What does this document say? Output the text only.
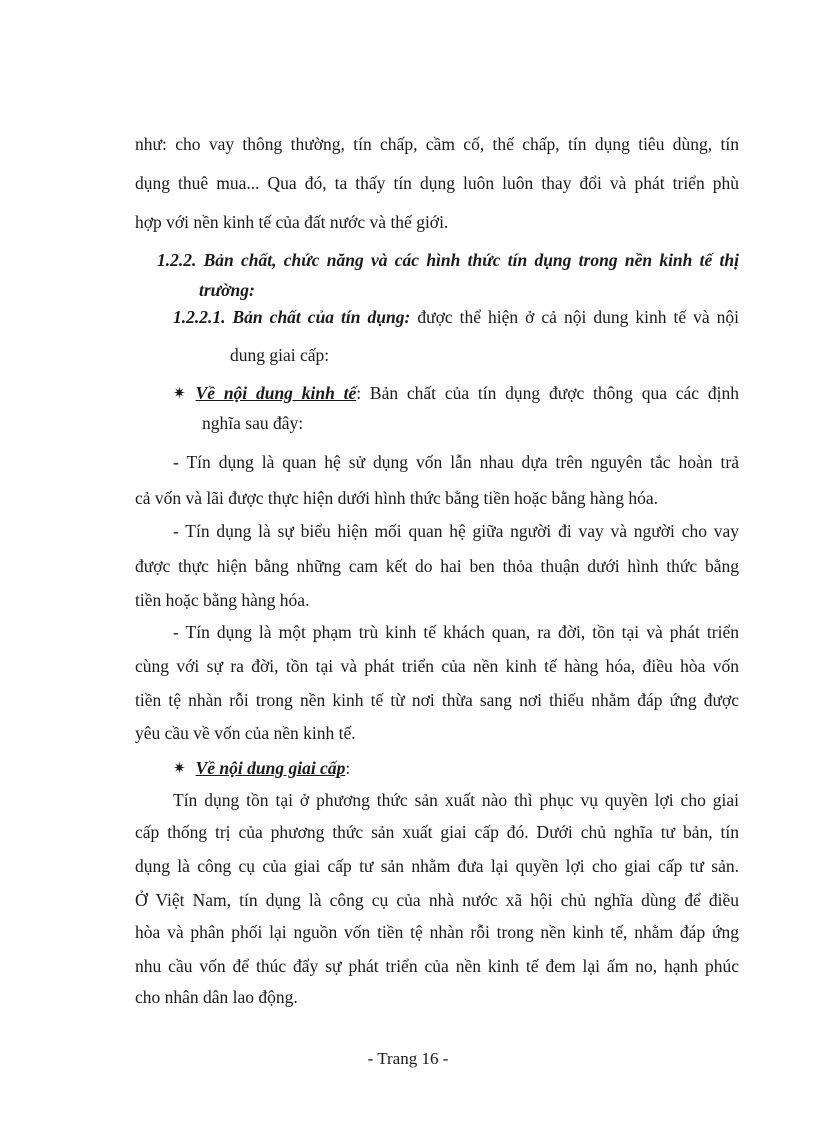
như: cho vay thông thường, tín chấp, cầm cố, thế chấp, tín dụng tiêu dùng, tín
dụng thuê mua... Qua đó, ta thấy tín dụng luôn luôn thay đổi và phát triển phù
hợp với nền kinh tế của đất nước và thế giới.
1.2.2. Bản chất, chức năng và các hình thức tín dụng trong nền kinh tế thị
trường:
1.2.2.1. Bản chất của tín dụng: được thể hiện ở cả nội dung kinh tế và nội
dung giai cấp:
✷ Về nội dung kinh tế: Bản chất của tín dụng được thông qua các định
nghĩa sau đây:
- Tín dụng là quan hệ sử dụng vốn lẫn nhau dựa trên nguyên tắc hoàn trả
cả vốn và lãi được thực hiện dưới hình thức bằng tiền hoặc bằng hàng hóa.
- Tín dụng là sự biểu hiện mối quan hệ giữa người đi vay và người cho vay
được thực hiện bằng những cam kết do hai ben thỏa thuận dưới hình thức bằng
tiền hoặc bằng hàng hóa.
- Tín dụng là một phạm trù kinh tế khách quan, ra đời, tồn tại và phát triển
cùng với sự ra đời, tồn tại và phát triển của nền kinh tế hàng hóa, điều hòa vốn
tiền tệ nhàn rỗi trong nền kinh tế từ nơi thừa sang nơi thiếu nhằm đáp ứng được
yêu cầu về vốn của nền kinh tế.
✷ Về nội dung giai cấp:
Tín dụng tồn tại ở phương thức sản xuất nào thì phục vụ quyền lợi cho giai
cấp thống trị của phương thức sản xuất giai cấp đó. Dưới chủ nghĩa tư bản, tín
dụng là công cụ của giai cấp tư sản nhằm đưa lại quyền lợi cho giai cấp tư sản.
Ở Việt Nam, tín dụng là công cụ của nhà nước xã hội chủ nghĩa dùng để điều
hòa và phân phối lại nguồn vốn tiền tệ nhàn rỗi trong nền kinh tế, nhằm đáp ứng
nhu cầu vốn để thúc đẩy sự phát triển của nền kinh tế đem lại ấm no, hạnh phúc
cho nhân dân lao động.
- Trang 16 -
